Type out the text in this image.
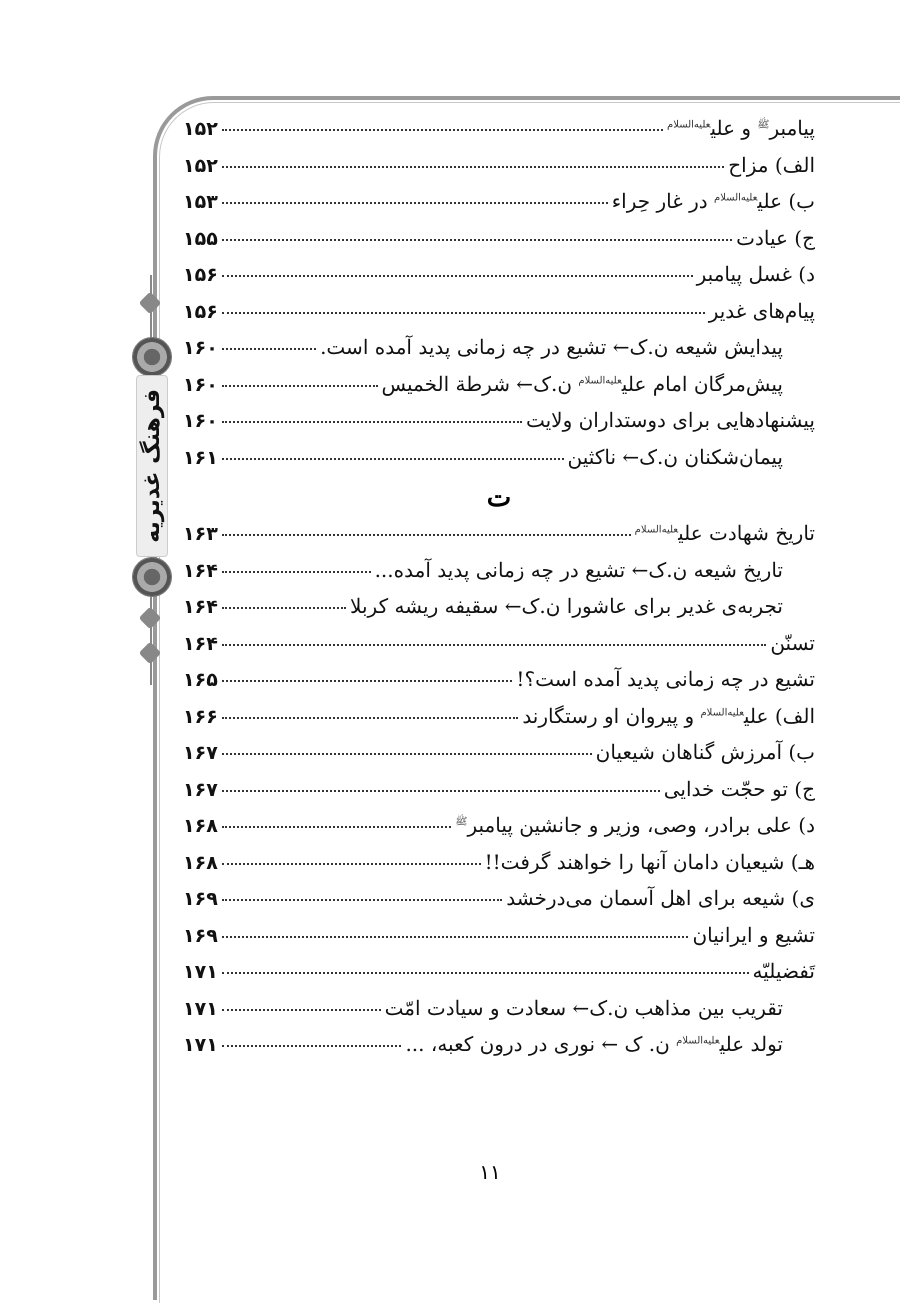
فرهنگ غدیریه
پیامبر$^ﷺ$ و علی$^{عليه‌السلام}$
۱۵۲
الف) مزاح
۱۵۲
ب) علی$^{عليه‌السلام}$ در غار حِراء
۱۵۳
ج) عیادت
۱۵۵
د) غسل پیامبر
۱۵۶
پیام‌های غدیر
۱۵۶
پیدایش شیعه ن.ک← تشیع در چه زمانی پدید آمده است.
۱۶۰
پیش‌مرگان امام علی$^{عليه‌السلام}$ ن.ک← شرطة الخمیس
۱۶۰
پیشنهادهایی برای دوستداران ولایت
۱۶۰
پیمان‌شکنان ن.ک← ناکثین
۱۶۱
ت
تاریخ شهادت علی$^{عليه‌السلام}$
۱۶۳
تاریخ شیعه ن.ک← تشیع در چه زمانی پدید آمده...
۱۶۴
تجربه‌ی غدیر برای عاشورا ن.ک← سقیفه ریشه کربلا
۱۶۴
تسنّن
۱۶۴
تشیع در چه زمانی پدید آمده است؟!
۱۶۵
الف) علی$^{عليه‌السلام}$ و پیروان او رستگارند
۱۶۶
ب) آمرزش گناهان شیعیان
۱۶۷
ج) تو حجّت خدایی
۱۶۷
د) علی برادر، وصی، وزیر و جانشین پیامبر$^ﷺ$
۱۶۸
هـ) شیعیان دامان آنها را خواهند گرفت!!
۱۶۸
ی) شیعه برای اهل آسمان می‌درخشد
۱۶۹
تشیع و ایرانیان
۱۶۹
تَفضیلیّه
۱۷۱
تقریب بین مذاهب ن.ک← سعادت و سیادت امّت
۱۷۱
تولد علی$^{عليه‌السلام}$ ن. ک ← نوری در درون کعبه، ...
۱۷۱
۱۱
